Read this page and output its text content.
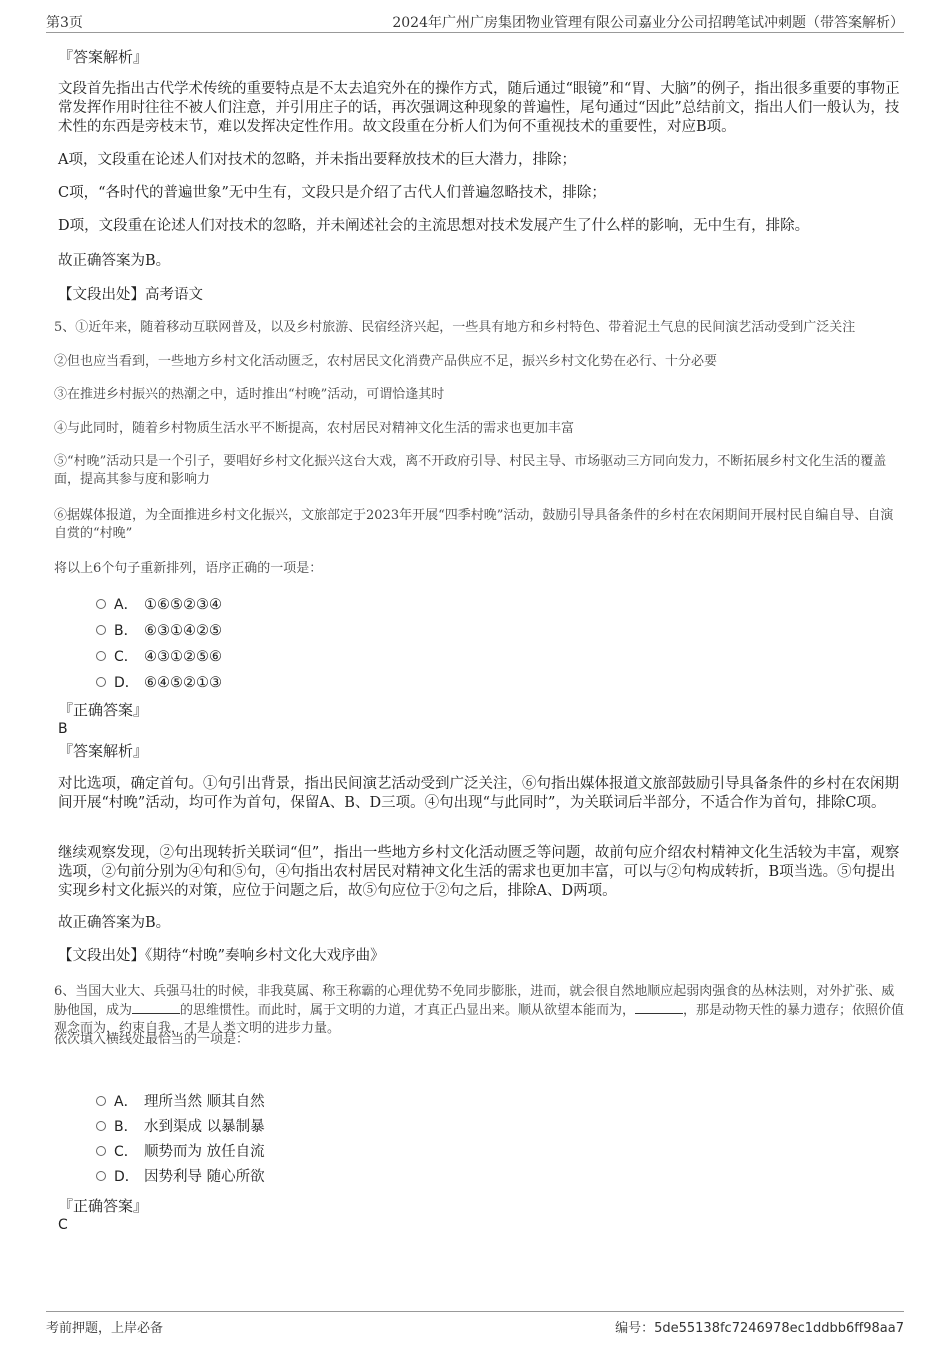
第3页	2024年广州广房集团物业管理有限公司嘉业分公司招聘笔试冲刺题（带答案解析）
『答案解析』
文段首先指出古代学术传统的重要特点是不太去追究外在的操作方式，随后通过“眼镜”和“胃、大脑”的例子，指出很多重要的事物正常发挥作用时往往不被人们注意，并引用庄子的话，再次强调这种现象的普遍性，尾句通过“因此”总结前文，指出人们一般认为，技术性的东西是旁枝末节，难以发挥决定性作用。故文段重在分析人们为何不重视技术的重要性，对应B项。
A项，文段重在论述人们对技术的忽略，并未指出要释放技术的巨大潜力，排除；
C项，“各时代的普遍世象”无中生有，文段只是介绍了古代人们普遍忽略技术，排除；
D项，文段重在论述人们对技术的忽略，并未阐述社会的主流思想对技术发展产生了什么样的影响，无中生有，排除。
故正确答案为B。
【文段出处】高考语文
5、①近年来，随着移动互联网普及，以及乡村旅游、民宿经济兴起，一些具有地方和乡村特色、带着泥土气息的民间演艺活动受到广泛关注
②但也应当看到，一些地方乡村文化活动匮乏，农村居民文化消费产品供应不足，振兴乡村文化势在必行、十分必要
③在推进乡村振兴的热潮之中，适时推出“村晚”活动，可谓恰逢其时
④与此同时，随着乡村物质生活水平不断提高，农村居民对精神文化生活的需求也更加丰富
⑤“村晚”活动只是一个引子，要唱好乡村文化振兴这台大戏，离不开政府引导、村民主导、市场驱动三方同向发力，不断拓展乡村文化生活的覆盖面，提高其参与度和影响力
⑥据媒体报道，为全面推进乡村文化振兴，文旅部定于2023年开展“四季村晚”活动，鼓励引导具备条件的乡村在农闲期间开展村民自编自导、自演自赏的“村晚”
将以上6个句子重新排列，语序正确的一项是：
A． ①⑥⑤②③④
B． ⑥③①④②⑤
C． ④③①②⑤⑥
D． ⑥④⑤②①③
『正确答案』
B
『答案解析』
对比选项，确定首句。①句引出背景，指出民间演艺活动受到广泛关注，⑥句指出媒体报道文旅部鼓励引导具备条件的乡村在农闲期间开展“村晚”活动，均可作为首句，保留A、B、D三项。④句出现“与此同时”，为关联词后半部分，不适合作为首句，排除C项。
继续观察发现，②句出现转折关联词“但”，指出一些地方乡村文化活动匮乏等问题，故前句应介绍农村精神文化生活较为丰富，观察选项，②句前分别为④句和⑤句，④句指出农村居民对精神文化生活的需求也更加丰富，可以与②句构成转折，B项当选。⑤句提出实现乡村文化振兴的对策，应位于问题之后，故⑤句应位于②句之后，排除A、D两项。
故正确答案为B。
【文段出处】《期待“村晚”奏响乡村文化大戏序曲》
6、当国大业大、兵强马壮的时候，非我莫属、称王称霸的心理优势不免同步膨胀，进而，就会很自然地顺应起弱肉强食的丛林法则，对外扩张、威胁他国，成为	的思维惯性。而此时，属于文明的力道，才真正凸显出来。顺从欲望本能而为，	，那是动物天性的暴力遗存；依照价值观念而为，约束自我，才是人类文明的进步力量。
依次填入横线处最恰当的一项是：
A． 理所当然 顺其自然
B． 水到渠成 以暴制暴
C． 顺势而为 放任自流
D． 因势利导 随心所欲
『正确答案』
C
考前押题，上岸必备	编号：5de55138fc7246978ec1ddbb6ff98aa7
